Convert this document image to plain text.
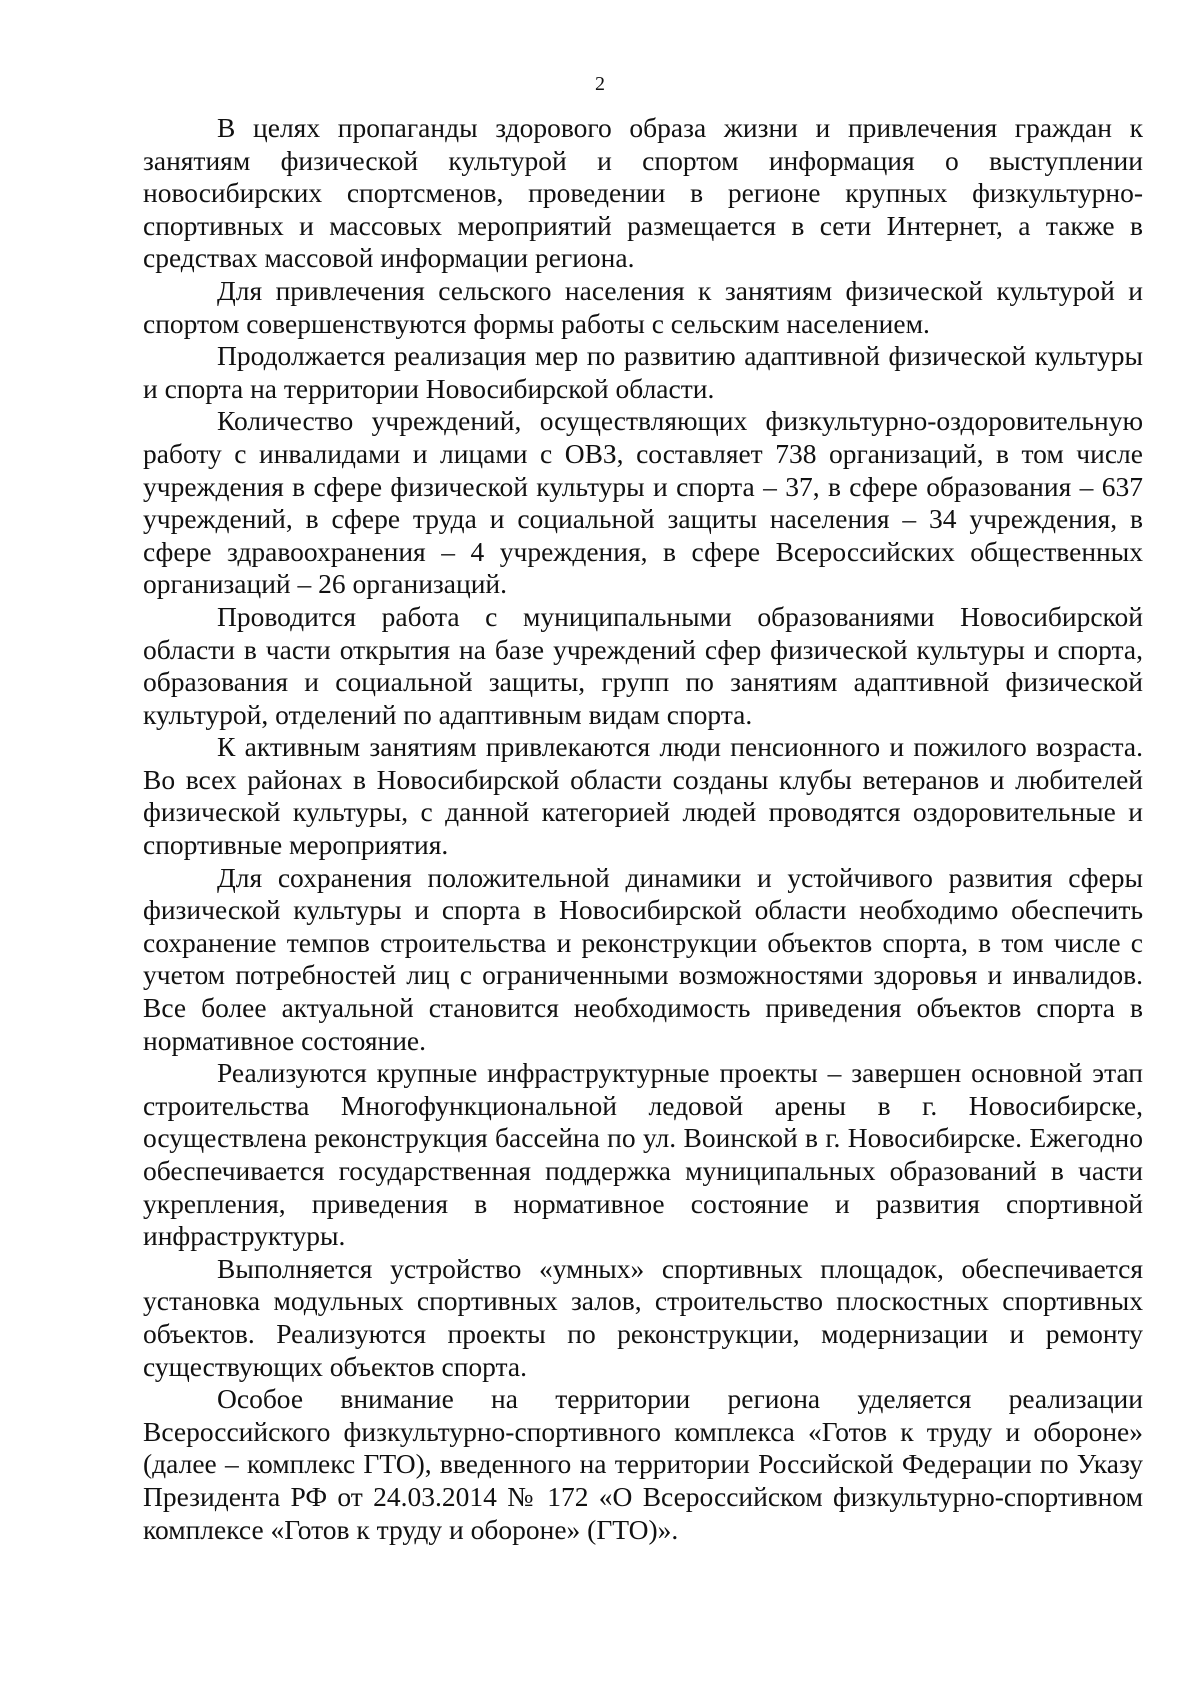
2

В целях пропаганды здорового образа жизни и привлечения граждан к занятиям физической культурой и спортом информация о выступлении новосибирских спортсменов, проведении в регионе крупных физкультурно-спортивных и массовых мероприятий размещается в сети Интернет, а также в средствах массовой информации региона.

Для привлечения сельского населения к занятиям физической культурой и спортом совершенствуются формы работы с сельским населением.

Продолжается реализация мер по развитию адаптивной физической культуры и спорта на территории Новосибирской области.

Количество учреждений, осуществляющих физкультурно-оздоровительную работу с инвалидами и лицами с ОВЗ, составляет 738 организаций, в том числе учреждения в сфере физической культуры и спорта – 37, в сфере образования – 637 учреждений, в сфере труда и социальной защиты населения – 34 учреждения, в сфере здравоохранения – 4 учреждения, в сфере Всероссийских общественных организаций – 26 организаций.

Проводится работа с муниципальными образованиями Новосибирской области в части открытия на базе учреждений сфер физической культуры и спорта, образования и социальной защиты, групп по занятиям адаптивной физической культурой, отделений по адаптивным видам спорта.

К активным занятиям привлекаются люди пенсионного и пожилого возраста. Во всех районах в Новосибирской области созданы клубы ветеранов и любителей физической культуры, с данной категорией людей проводятся оздоровительные и спортивные мероприятия.

Для сохранения положительной динамики и устойчивого развития сферы физической культуры и спорта в Новосибирской области необходимо обеспечить сохранение темпов строительства и реконструкции объектов спорта, в том числе с учетом потребностей лиц с ограниченными возможностями здоровья и инвалидов. Все более актуальной становится необходимость приведения объектов спорта в нормативное состояние.

Реализуются крупные инфраструктурные проекты – завершен основной этап строительства Многофункциональной ледовой арены в г. Новосибирске, осуществлена реконструкция бассейна по ул. Воинской в г. Новосибирске. Ежегодно обеспечивается государственная поддержка муниципальных образований в части укрепления, приведения в нормативное состояние и развития спортивной инфраструктуры.

Выполняется устройство «умных» спортивных площадок, обеспечивается установка модульных спортивных залов, строительство плоскостных спортивных объектов. Реализуются проекты по реконструкции, модернизации и ремонту существующих объектов спорта.

Особое внимание на территории региона уделяется реализации Всероссийского физкультурно-спортивного комплекса «Готов к труду и обороне» (далее – комплекс ГТО), введенного на территории Российской Федерации по Указу Президента РФ от 24.03.2014 № 172 «О Всероссийском физкультурно-спортивном комплексе «Готов к труду и обороне» (ГТО)».
